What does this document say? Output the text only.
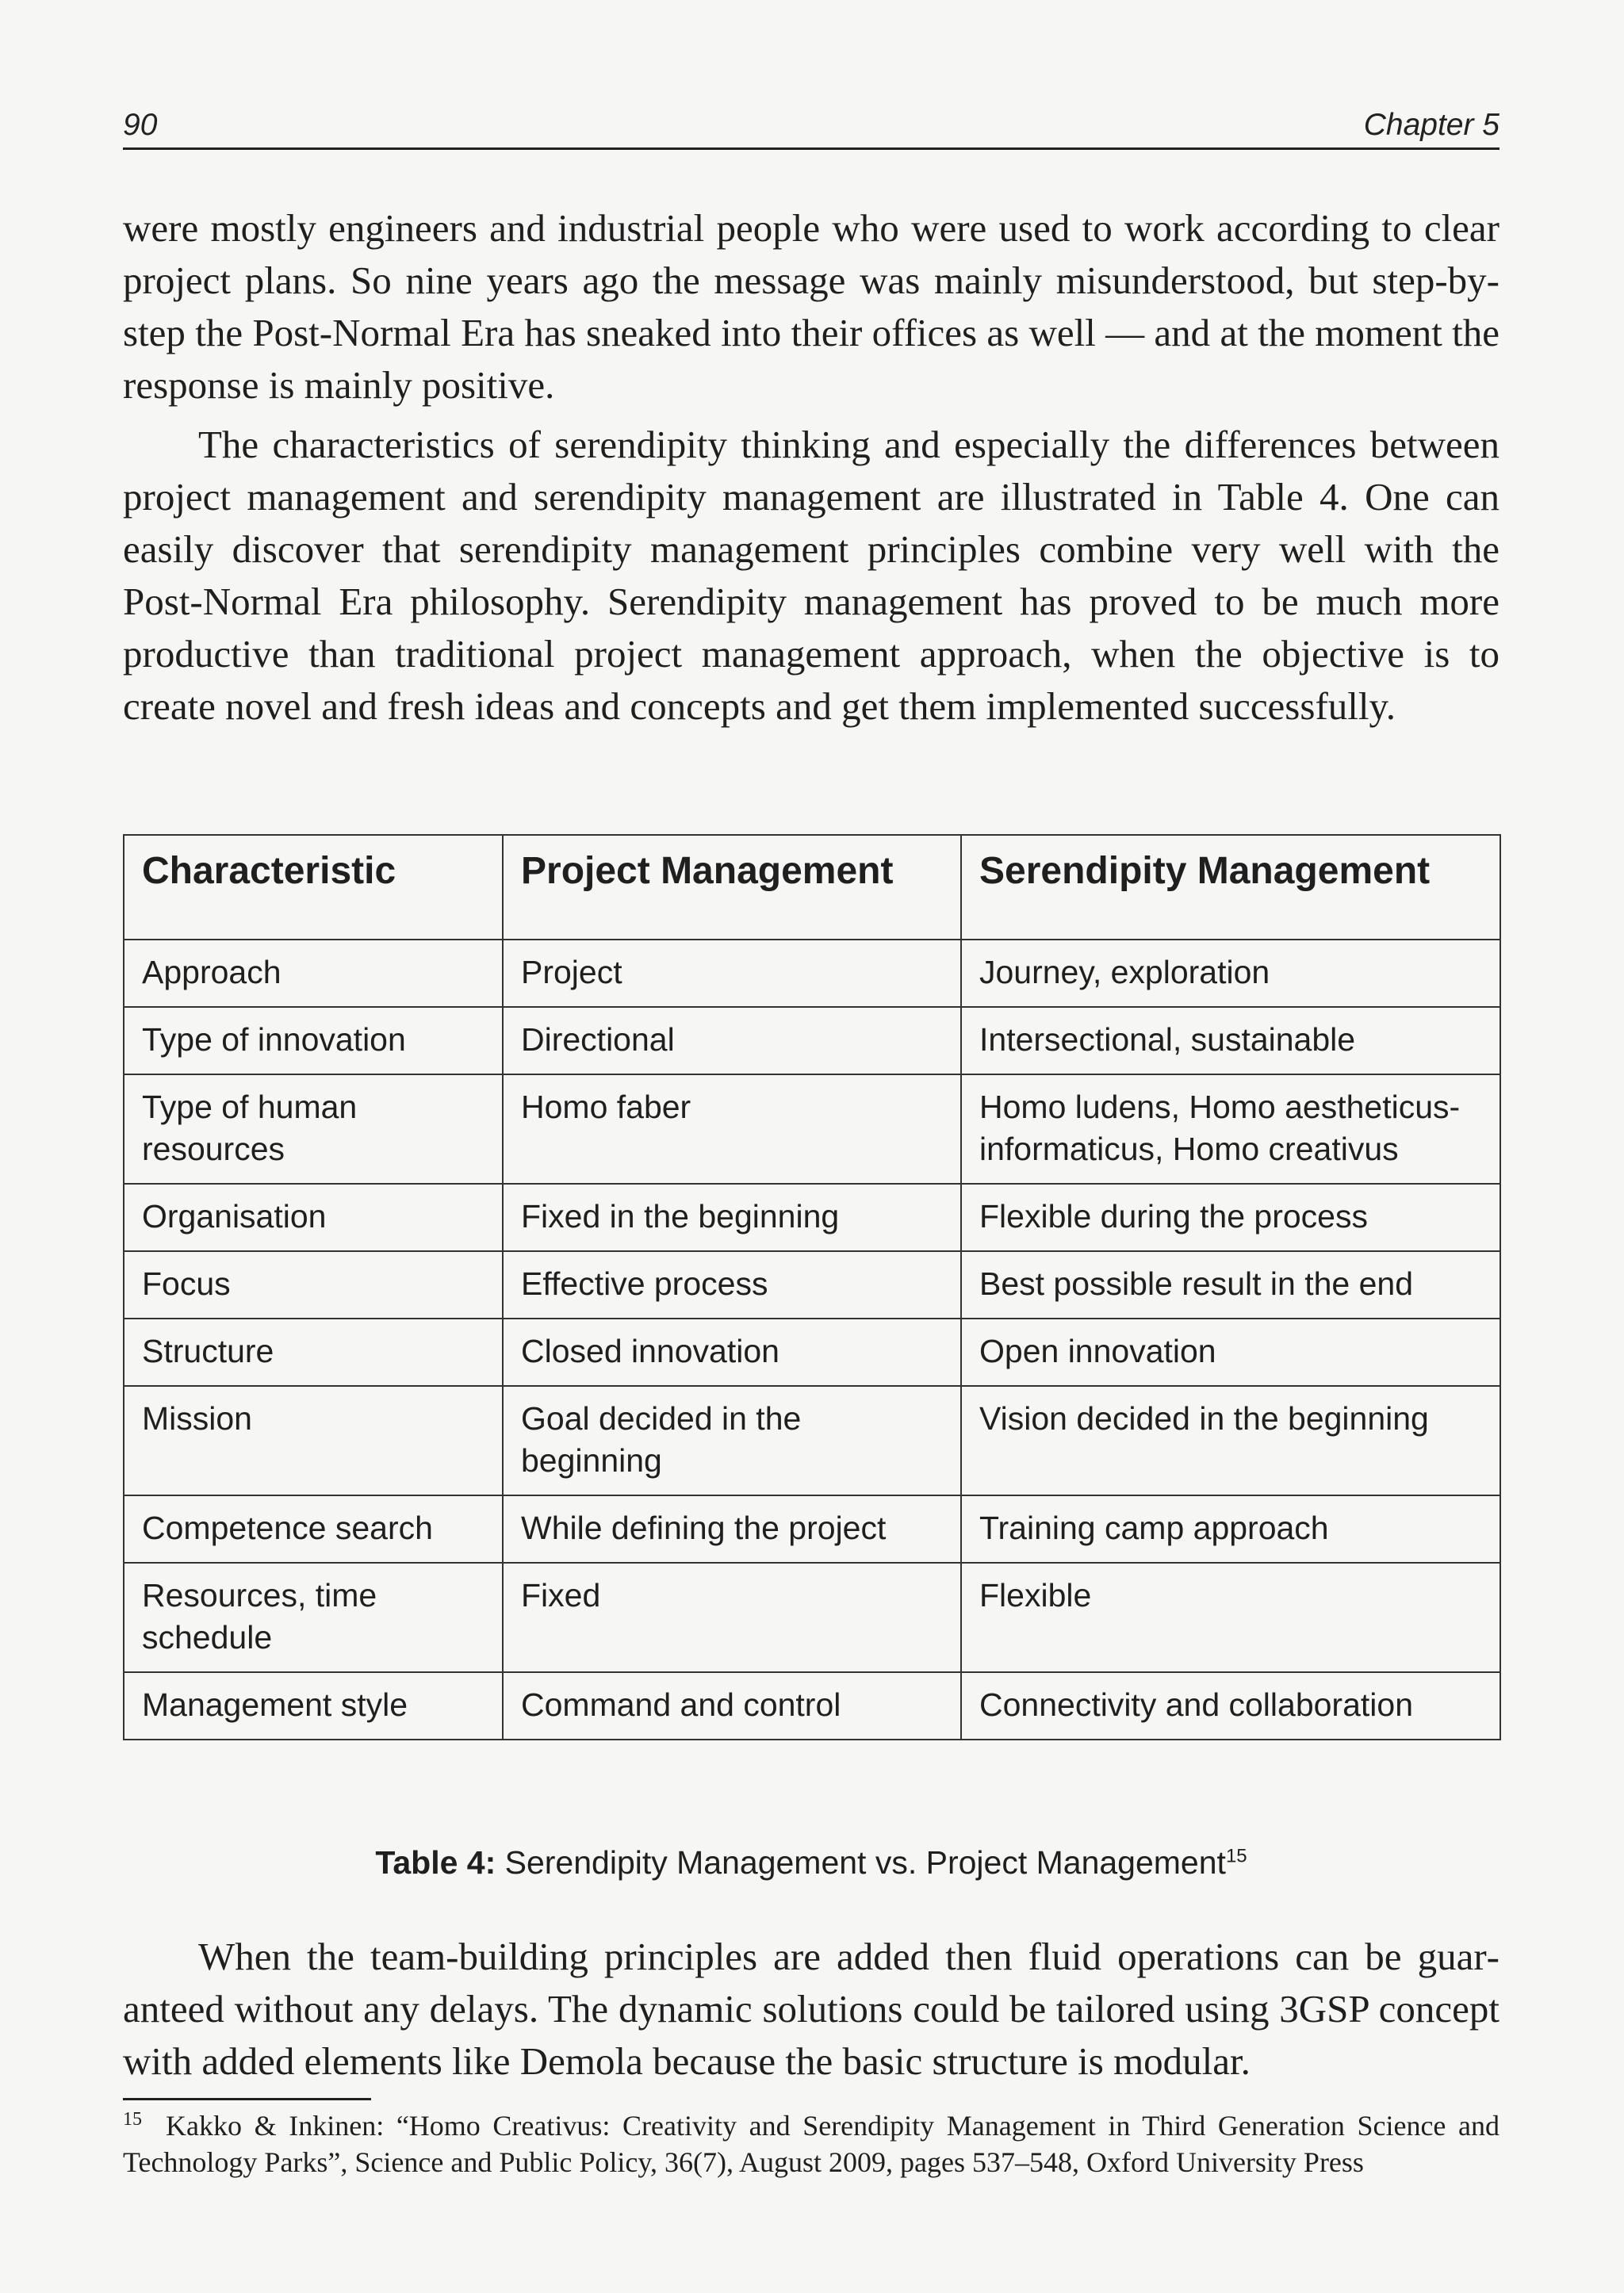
90	Chapter 5

were mostly engineers and industrial people who were used to work according to clear project plans. So nine years ago the message was mainly misunderstood, but step-by-step the Post-Normal Era has sneaked into their offices as well — and at the moment the response is mainly positive.

The characteristics of serendipity thinking and especially the differences between project management and serendipity management are illustrated in Table 4. One can easily discover that serendipity management principles combine very well with the Post-Normal Era philosophy. Serendipity management has proved to be much more productive than traditional project management approach, when the objective is to create novel and fresh ideas and concepts and get them implemented successfully.

Characteristic	Project Management	Serendipity Management
Approach	Project	Journey, exploration
Type of innovation	Directional	Intersectional, sustainable
Type of human resources	Homo faber	Homo ludens, Homo aestheticus-informaticus, Homo creativus
Organisation	Fixed in the beginning	Flexible during the process
Focus	Effective process	Best possible result in the end
Structure	Closed innovation	Open innovation
Mission	Goal decided in the beginning	Vision decided in the beginning
Competence search	While defining the project	Training camp approach
Resources, time schedule	Fixed	Flexible
Management style	Command and control	Connectivity and collaboration
Table 4: Serendipity Management vs. Project Management$^{15}$

When the team-building principles are added then fluid operations can be guaranteed without any delays. The dynamic solutions could be tailored using 3GSP concept with added elements like Demola because the basic structure is modular.

$^{15}$ Kakko & Inkinen: “Homo Creativus: Creativity and Serendipity Management in Third Generation Science and Technology Parks”, Science and Public Policy, 36(7), August 2009, pages 537–548, Oxford University Press
